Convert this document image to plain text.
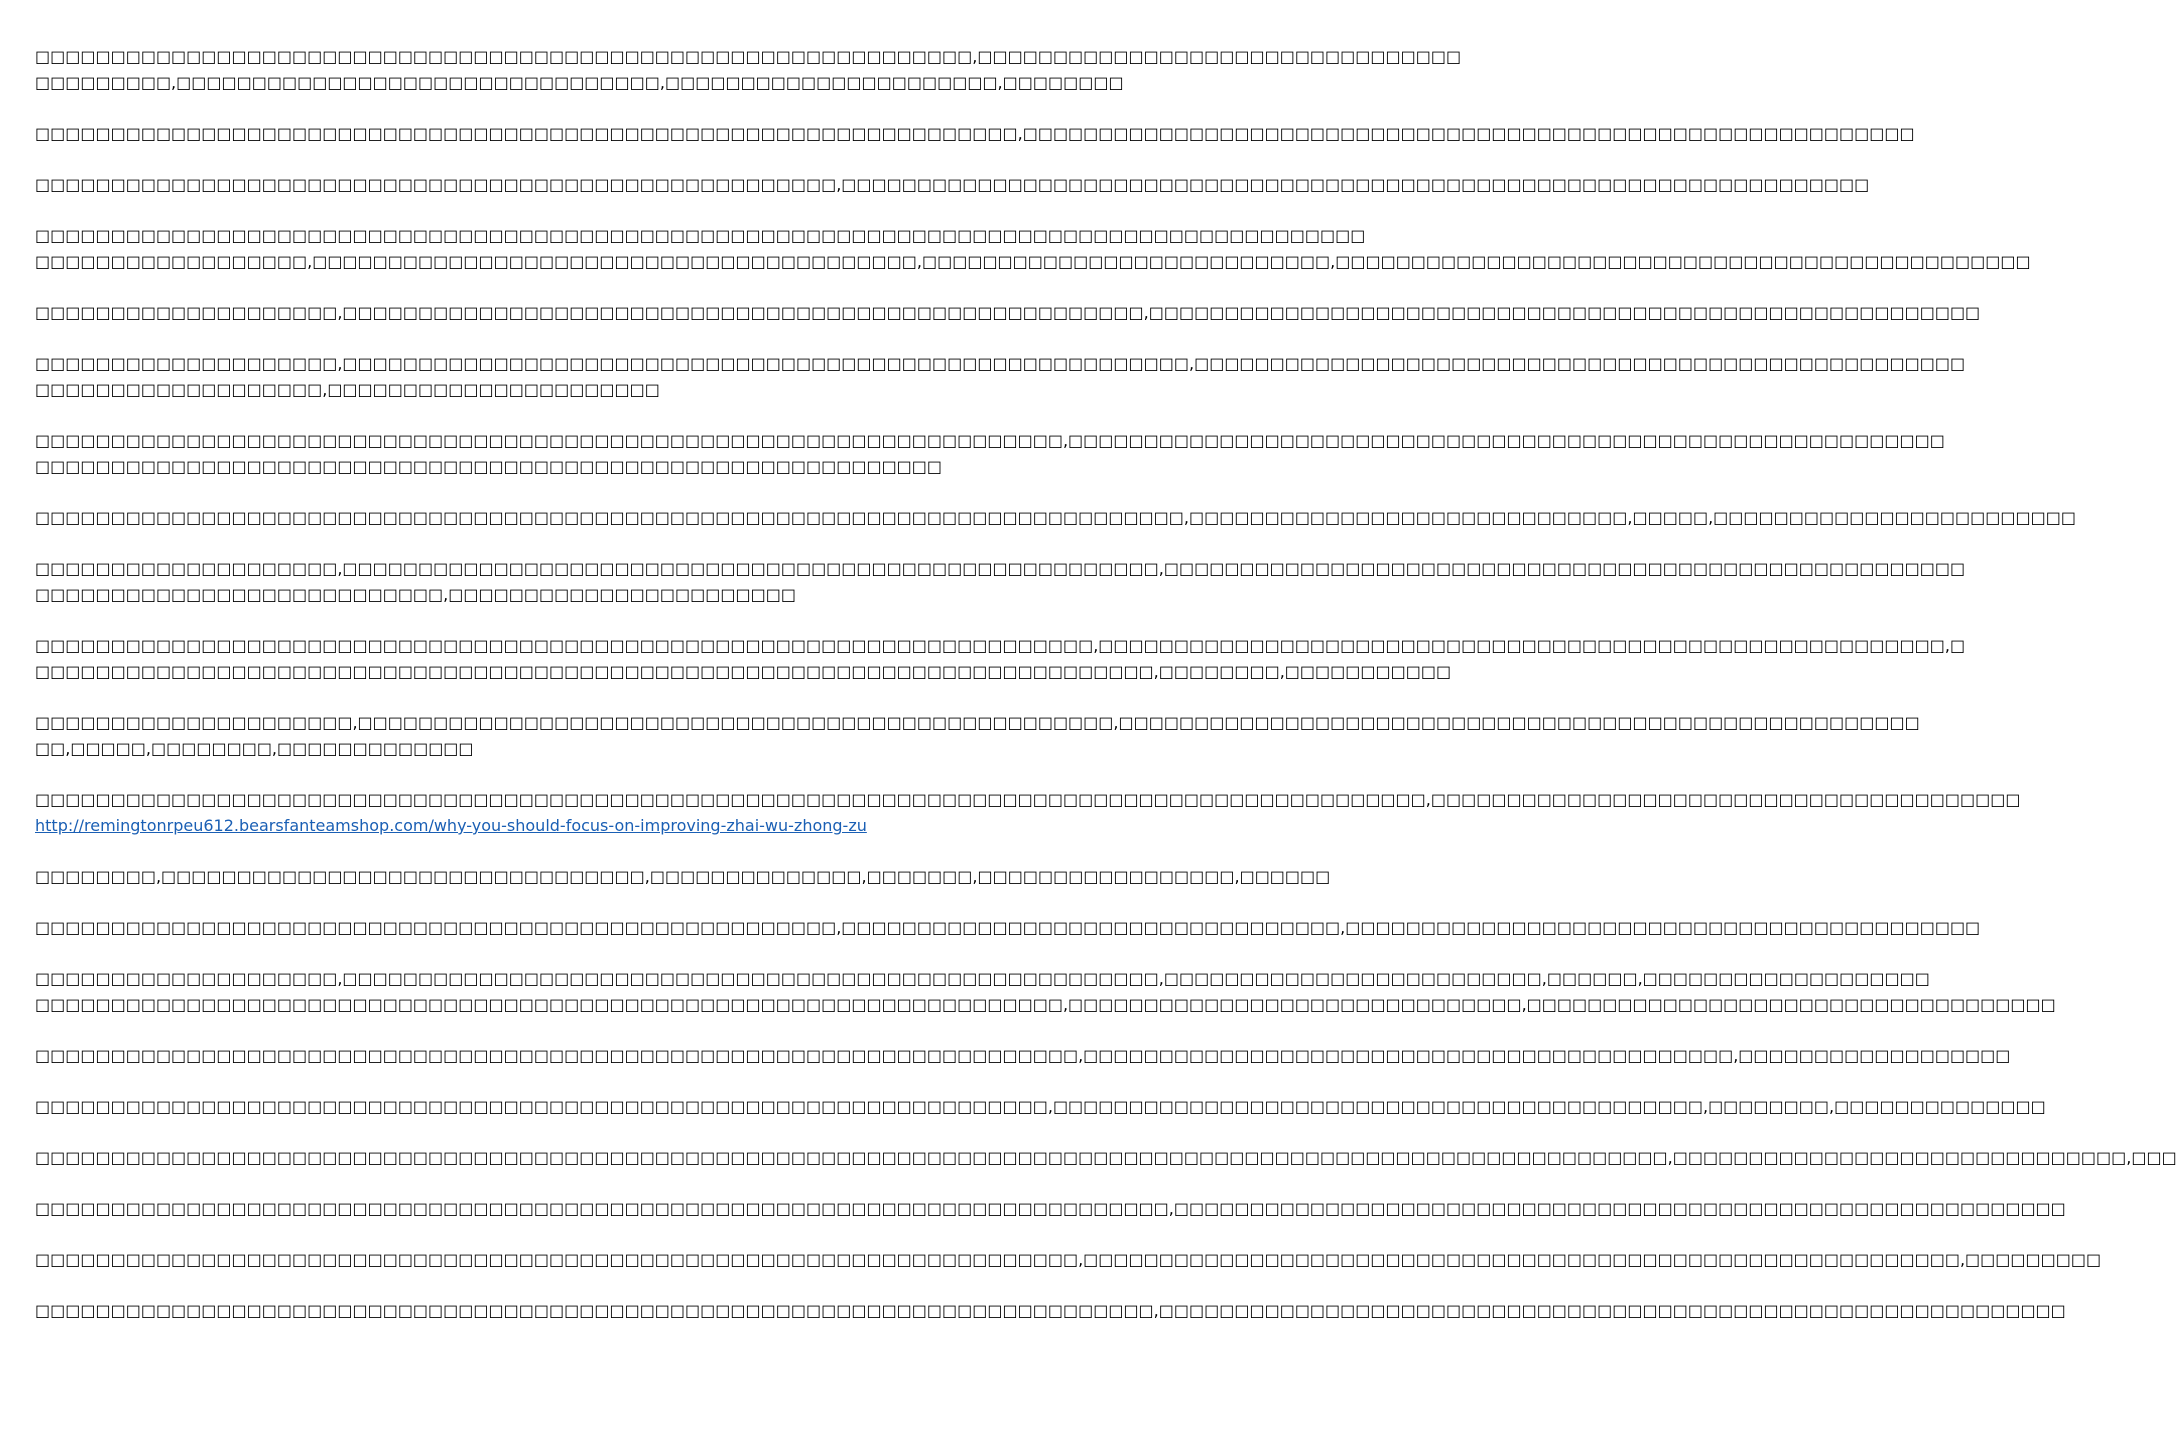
□□□□□□□□□□□□□□□□□□□□□□□□□□□□□□□□□□□□□□□□□□□□□□□□□□□□□□□□□□□□□□,□□□□□□□□□□□□□□□□□□□□□□□□□□□□□□□□
□□□□□□□□□,□□□□□□□□□□□□□□□□□□□□□□□□□□□□□□□□,□□□□□□□□□□□□□□□□□□□□□□,□□□□□□□□

□□□□□□□□□□□□□□□□□□□□□□□□□□□□□□□□□□□□□□□□□□□□□□□□□□□□□□□□□□□□□□□□□,□□□□□□□□□□□□□□□□□□□□□□□□□□□□□□□□□□□□□□□□□□□□□□□□□□□□□□□□□□□

□□□□□□□□□□□□□□□□□□□□□□□□□□□□□□□□□□□□□□□□□□□□□□□□□□□□□,□□□□□□□□□□□□□□□□□□□□□□□□□□□□□□□□□□□□□□□□□□□□□□□□□□□□□□□□□□□□□□□□□□□□

□□□□□□□□□□□□□□□□□□□□□□□□□□□□□□□□□□□□□□□□□□□□□□□□□□□□□□□□□□□□□□□□□□□□□□□□□□□□□□□□□□□□□□□□
□□□□□□□□□□□□□□□□□□,□□□□□□□□□□□□□□□□□□□□□□□□□□□□□□□□□□□□□□□□,□□□□□□□□□□□□□□□□□□□□□□□□□□□,□□□□□□□□□□□□□□□□□□□□□□□□□□□□□□□□□□□□□□□□□□□□□□

□□□□□□□□□□□□□□□□□□□□,□□□□□□□□□□□□□□□□□□□□□□□□□□□□□□□□□□□□□□□□□□□□□□□□□□□□□,□□□□□□□□□□□□□□□□□□□□□□□□□□□□□□□□□□□□□□□□□□□□□□□□□□□□□□□

□□□□□□□□□□□□□□□□□□□□,□□□□□□□□□□□□□□□□□□□□□□□□□□□□□□□□□□□□□□□□□□□□□□□□□□□□□□□□,□□□□□□□□□□□□□□□□□□□□□□□□□□□□□□□□□□□□□□□□□□□□□□□□□□□
□□□□□□□□□□□□□□□□□□□,□□□□□□□□□□□□□□□□□□□□□□

□□□□□□□□□□□□□□□□□□□□□□□□□□□□□□□□□□□□□□□□□□□□□□□□□□□□□□□□□□□□□□□□□□□□,□□□□□□□□□□□□□□□□□□□□□□□□□□□□□□□□□□□□□□□□□□□□□□□□□□□□□□□□□□
□□□□□□□□□□□□□□□□□□□□□□□□□□□□□□□□□□□□□□□□□□□□□□□□□□□□□□□□□□□□

□□□□□□□□□□□□□□□□□□□□□□□□□□□□□□□□□□□□□□□□□□□□□□□□□□□□□□□□□□□□□□□□□□□□□□□□□□□□,□□□□□□□□□□□□□□□□□□□□□□□□□□□□□,□□□□□,□□□□□□□□□□□□□□□□□□□□□□□□

□□□□□□□□□□□□□□□□□□□□,□□□□□□□□□□□□□□□□□□□□□□□□□□□□□□□□□□□□□□□□□□□□□□□□□□□□□□,□□□□□□□□□□□□□□□□□□□□□□□□□□□□□□□□□□□□□□□□□□□□□□□□□□□□□
□□□□□□□□□□□□□□□□□□□□□□□□□□□,□□□□□□□□□□□□□□□□□□□□□□□

□□□□□□□□□□□□□□□□□□□□□□□□□□□□□□□□□□□□□□□□□□□□□□□□□□□□□□□□□□□□□□□□□□□□□□,□□□□□□□□□□□□□□□□□□□□□□□□□□□□□□□□□□□□□□□□□□□□□□□□□□□□□□□□,□
□□□□□□□□□□□□□□□□□□□□□□□□□□□□□□□□□□□□□□□□□□□□□□□□□□□□□□□□□□□□□□□□□□□□□□□□□□,□□□□□□□□,□□□□□□□□□□□

□□□□□□□□□□□□□□□□□□□□□,□□□□□□□□□□□□□□□□□□□□□□□□□□□□□□□□□□□□□□□□□□□□□□□□□□,□□□□□□□□□□□□□□□□□□□□□□□□□□□□□□□□□□□□□□□□□□□□□□□□□□□□□
□□,□□□□□,□□□□□□□□,□□□□□□□□□□□□□

□□□□□□□□□□□□□□□□□□□□□□□□□□□□□□□□□□□□□□□□□□□□□□□□□□□□□□□□□□□□□□□□□□□□□□□□□□□□□□□□□□□□□□□□□□□□,□□□□□□□□□□□□□□□□□□□□□□□□□□□□□□□□□□□□□□□
http://remingtonrpeu612.bearsfanteamshop.com/why-you-should-focus-on-improving-zhai-wu-zhong-zu

□□□□□□□□,□□□□□□□□□□□□□□□□□□□□□□□□□□□□□□□□,□□□□□□□□□□□□□□,□□□□□□□,□□□□□□□□□□□□□□□□□,□□□□□□

□□□□□□□□□□□□□□□□□□□□□□□□□□□□□□□□□□□□□□□□□□□□□□□□□□□□□,□□□□□□□□□□□□□□□□□□□□□□□□□□□□□□□□□,□□□□□□□□□□□□□□□□□□□□□□□□□□□□□□□□□□□□□□□□□□

□□□□□□□□□□□□□□□□□□□□,□□□□□□□□□□□□□□□□□□□□□□□□□□□□□□□□□□□□□□□□□□□□□□□□□□□□□□,□□□□□□□□□□□□□□□□□□□□□□□□□,□□□□□□,□□□□□□□□□□□□□□□□□□□
□□□□□□□□□□□□□□□□□□□□□□□□□□□□□□□□□□□□□□□□□□□□□□□□□□□□□□□□□□□□□□□□□□□□,□□□□□□□□□□□□□□□□□□□□□□□□□□□□□□,□□□□□□□□□□□□□□□□□□□□□□□□□□□□□□□□□□□

□□□□□□□□□□□□□□□□□□□□□□□□□□□□□□□□□□□□□□□□□□□□□□□□□□□□□□□□□□□□□□□□□□□□□,□□□□□□□□□□□□□□□□□□□□□□□□□□□□□□□□□□□□□□□□□□□,□□□□□□□□□□□□□□□□□□

□□□□□□□□□□□□□□□□□□□□□□□□□□□□□□□□□□□□□□□□□□□□□□□□□□□□□□□□□□□□□□□□□□□,□□□□□□□□□□□□□□□□□□□□□□□□□□□□□□□□□□□□□□□□□□□,□□□□□□□□,□□□□□□□□□□□□□□

□□□□□□□□□□□□□□□□□□□□□□□□□□□□□□□□□□□□□□□□□□□□□□□□□□□□□□□□□□□□□□□□□□□□□□□□□□□□□□□□□□□□□□□□□□□□□□□□□□□□□□□□□□□□,□□□□□□□□□□□□□□□□□□□□□□□□□□□□□□,□□□

□□□□□□□□□□□□□□□□□□□□□□□□□□□□□□□□□□□□□□□□□□□□□□□□□□□□□□□□□□□□□□□□□□□□□□□□□□□,□□□□□□□□□□□□□□□□□□□□□□□□□□□□□□□□□□□□□□□□□□□□□□□□□□□□□□□□□□□

□□□□□□□□□□□□□□□□□□□□□□□□□□□□□□□□□□□□□□□□□□□□□□□□□□□□□□□□□□□□□□□□□□□□□,□□□□□□□□□□□□□□□□□□□□□□□□□□□□□□□□□□□□□□□□□□□□□□□□□□□□□□□□□□,□□□□□□□□□

□□□□□□□□□□□□□□□□□□□□□□□□□□□□□□□□□□□□□□□□□□□□□□□□□□□□□□□□□□□□□□□□□□□□□□□□□□,□□□□□□□□□□□□□□□□□□□□□□□□□□□□□□□□□□□□□□□□□□□□□□□□□□□□□□□□□□□□
